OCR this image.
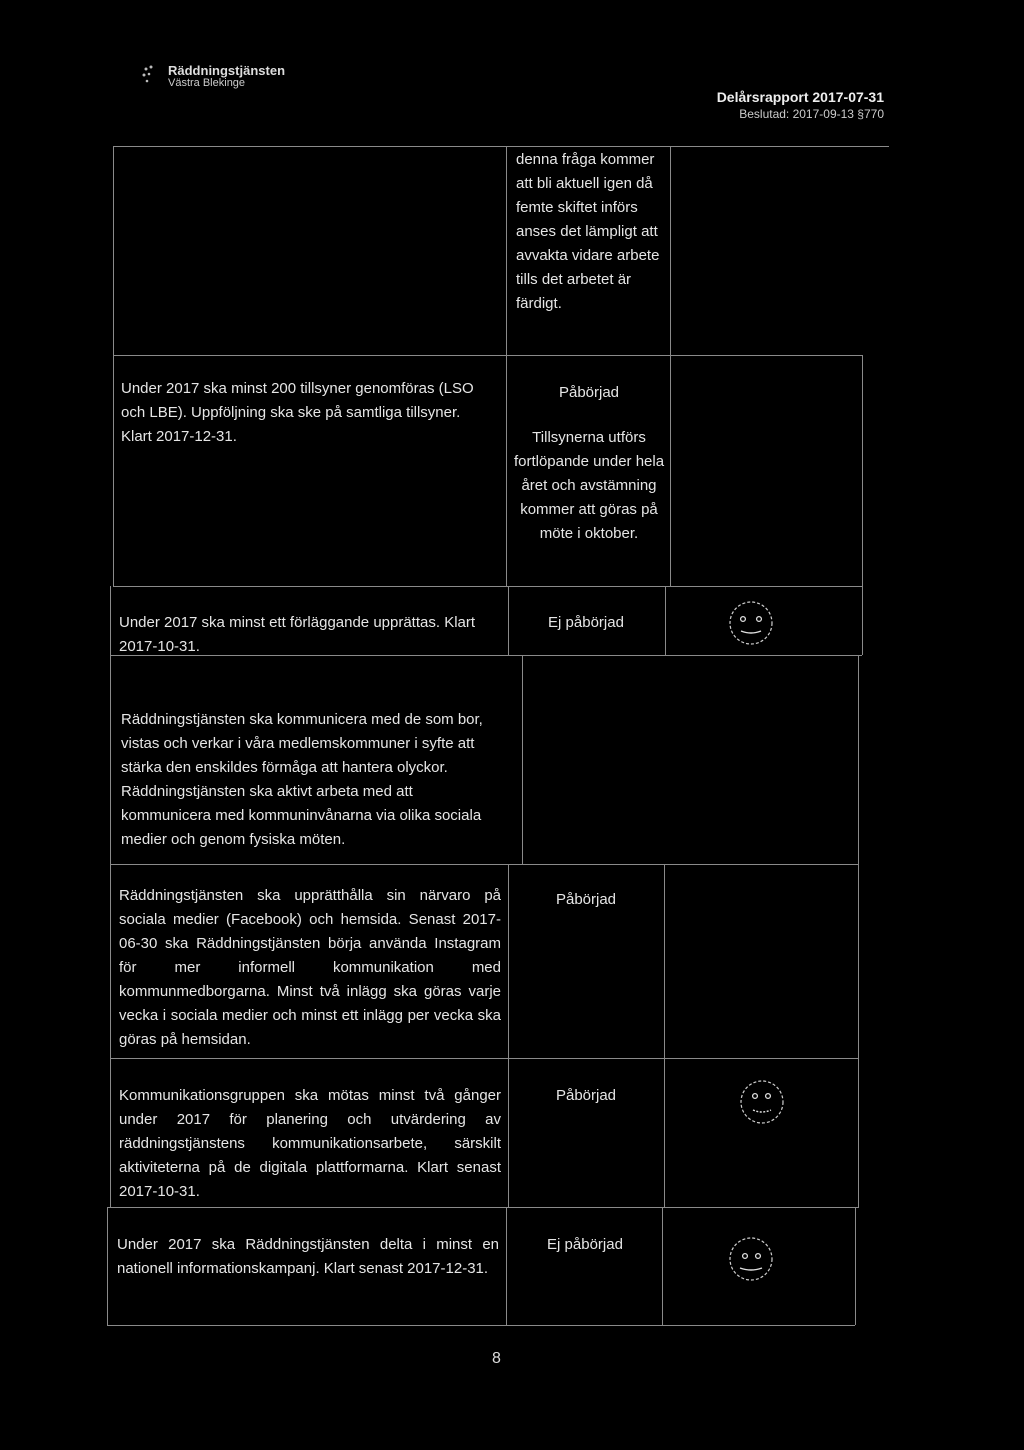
Räddningstjänsten
Västra Blekinge
Delårsrapport 2017-07-31
Beslutad: 2017-09-13 §770
denna fråga kommer att bli aktuell igen då femte skiftet införs anses det lämpligt att avvakta vidare arbete tills det arbetet är färdigt.
Under 2017 ska minst 200 tillsyner genomföras (LSO och LBE). Uppföljning ska ske på samtliga tillsyner. Klart 2017-12-31.
Påbörjad
Tillsynerna utförs fortlöpande under hela året och avstämning kommer att göras på möte i oktober.
Under 2017 ska minst ett förläggande upprättas. Klart 2017-10-31.
Ej påbörjad
Räddningstjänsten ska kommunicera med de som bor, vistas och verkar i våra medlemskommuner i syfte att stärka den enskildes förmåga att hantera olyckor. Räddningstjänsten ska aktivt arbeta med att kommunicera med kommuninvånarna via olika sociala medier och genom fysiska möten.
Räddningstjänsten ska upprätthålla sin närvaro på sociala medier (Facebook) och hemsida. Senast 2017-06-30 ska Räddningstjänsten börja använda Instagram för mer informell kommunikation med kommunmedborgarna. Minst två inlägg ska göras varje vecka i sociala medier och minst ett inlägg per vecka ska göras på hemsidan.
Påbörjad
Kommunikationsgruppen ska mötas minst två gånger under 2017 för planering och utvärdering av räddningstjänstens kommunikationsarbete, särskilt aktiviteterna på de digitala plattformarna. Klart senast 2017-10-31.
Påbörjad
Under 2017 ska Räddningstjänsten delta i minst en nationell informationskampanj. Klart senast 2017-12-31.
Ej påbörjad
8
